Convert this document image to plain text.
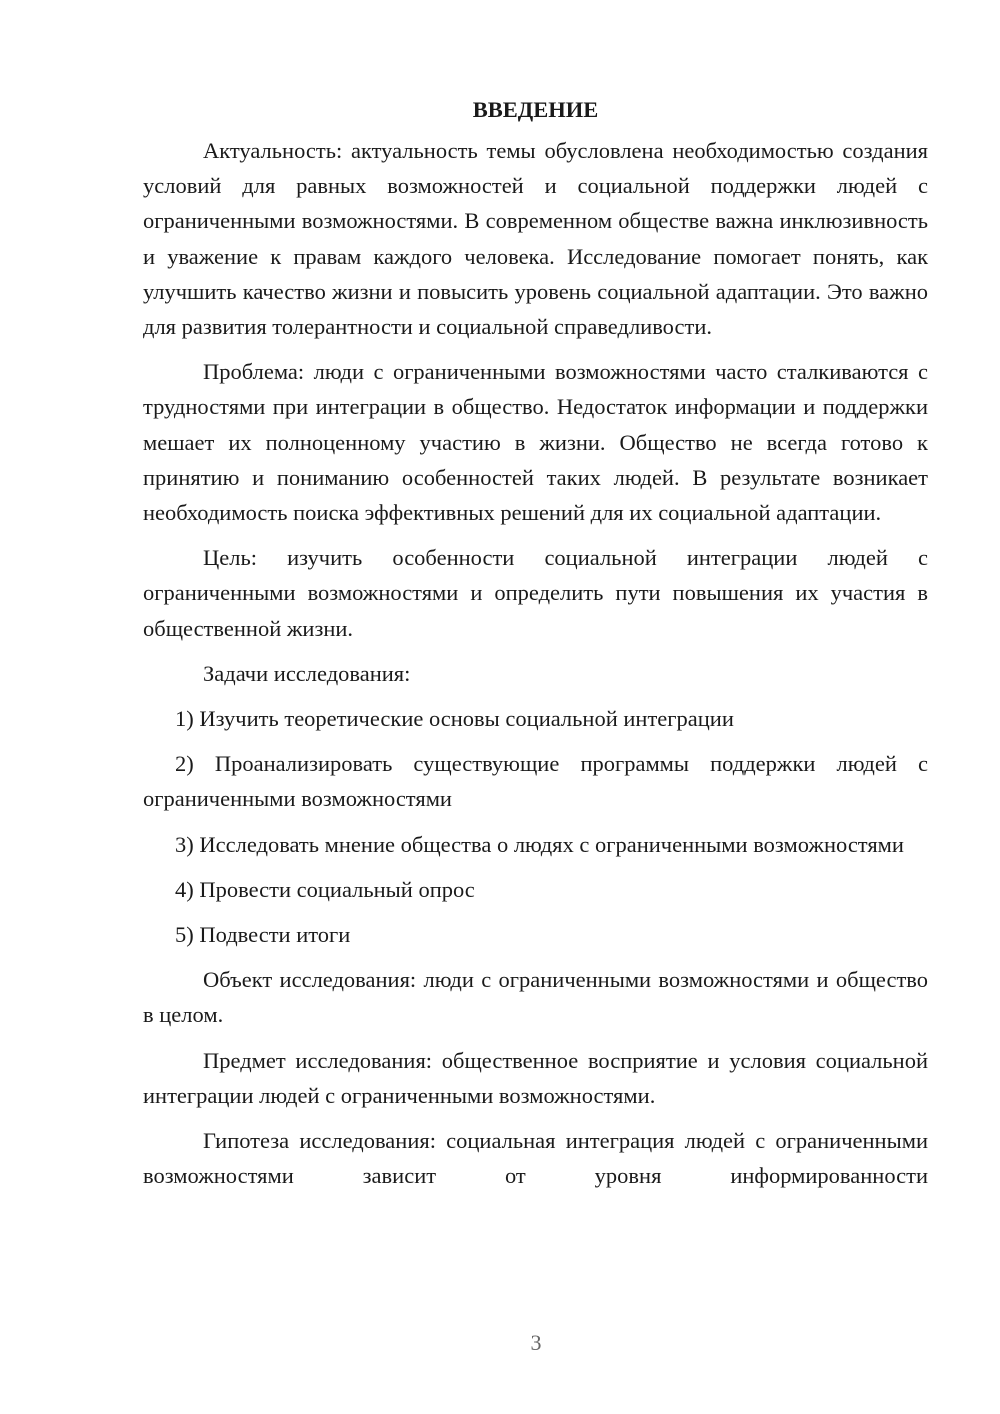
ВВЕДЕНИЕ

Актуальность: актуальность темы обусловлена необходимостью создания условий для равных возможностей и социальной поддержки людей с ограниченными возможностями. В современном обществе важна инклюзивность и уважение к правам каждого человека. Исследование помогает понять, как улучшить качество жизни и повысить уровень социальной адаптации. Это важно для развития толерантности и социальной справедливости.

Проблема: люди с ограниченными возможностями часто сталкиваются с трудностями при интеграции в общество. Недостаток информации и поддержки мешает их полноценному участию в жизни. Общество не всегда готово к принятию и пониманию особенностей таких людей. В результате возникает необходимость поиска эффективных решений для их социальной адаптации.

Цель: изучить особенности социальной интеграции людей с ограниченными возможностями и определить пути повышения их участия в общественной жизни.

Задачи исследования:

1) Изучить теоретические основы социальной интеграции

2) Проанализировать существующие программы поддержки людей с ограниченными возможностями

3) Исследовать мнение общества о людях с ограниченными возможностями

4) Провести социальный опрос

5) Подвести итоги

Объект исследования: люди с ограниченными возможностями и общество в целом.

Предмет исследования: общественное восприятие и условия социальной интеграции людей с ограниченными возможностями.

Гипотеза исследования: социальная интеграция людей с ограниченными возможностями зависит от уровня информированности

3
